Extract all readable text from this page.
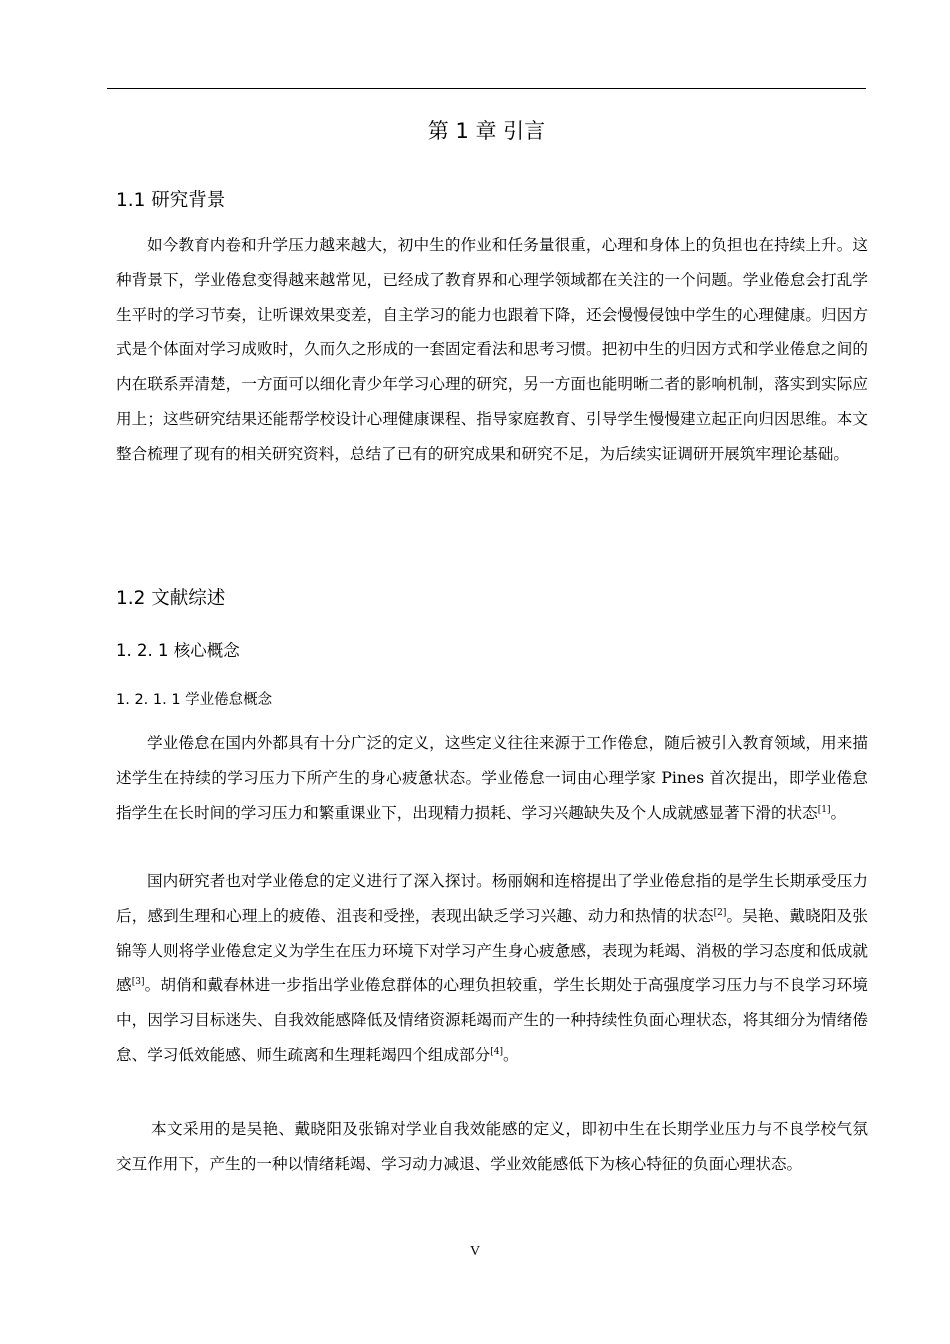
第 1 章 引言
1.1 研究背景

如今教育内卷和升学压力越来越大，初中生的作业和任务量很重，心理和身体上的负担也在持续上升。这种背景下，学业倦怠变得越来越常见，已经成了教育界和心理学领域都在关注的一个问题。学业倦怠会打乱学生平时的学习节奏，让听课效果变差，自主学习的能力也跟着下降，还会慢慢侵蚀中学生的心理健康。归因方式是个体面对学习成败时，久而久之形成的一套固定看法和思考习惯。把初中生的归因方式和学业倦怠之间的内在联系弄清楚，一方面可以细化青少年学习心理的研究，另一方面也能明晰二者的影响机制，落实到实际应用上；这些研究结果还能帮学校设计心理健康课程、指导家庭教育、引导学生慢慢建立起正向归因思维。本文整合梳理了现有的相关研究资料，总结了已有的研究成果和研究不足，为后续实证调研开展筑牢理论基础。

1.2 文献综述
1. 2. 1 核心概念
1. 2. 1. 1 学业倦怠概念

学业倦怠在国内外都具有十分广泛的定义，这些定义往往来源于工作倦怠，随后被引入教育领域，用来描述学生在持续的学习压力下所产生的身心疲惫状态。学业倦怠一词由心理学家 Pines 首次提出，即学业倦怠指学生在长时间的学习压力和繁重课业下，出现精力损耗、学习兴趣缺失及个人成就感显著下滑的状态[1]。

国内研究者也对学业倦怠的定义进行了深入探讨。杨丽娴和连榕提出了学业倦怠指的是学生长期承受压力后，感到生理和心理上的疲倦、沮丧和受挫，表现出缺乏学习兴趣、动力和热情的状态[2]。吴艳、戴晓阳及张锦等人则将学业倦怠定义为学生在压力环境下对学习产生身心疲惫感，表现为耗竭、消极的学习态度和低成就感[3]。胡俏和戴春林进一步指出学业倦怠群体的心理负担较重，学生长期处于高强度学习压力与不良学习环境中，因学习目标迷失、自我效能感降低及情绪资源耗竭而产生的一种持续性负面心理状态，将其细分为情绪倦怠、学习低效能感、师生疏离和生理耗竭四个组成部分[4]。

本文采用的是吴艳、戴晓阳及张锦对学业自我效能感的定义，即初中生在长期学业压力与不良学校气氛交互作用下，产生的一种以情绪耗竭、学习动力减退、学业效能感低下为核心特征的负面心理状态。

V
